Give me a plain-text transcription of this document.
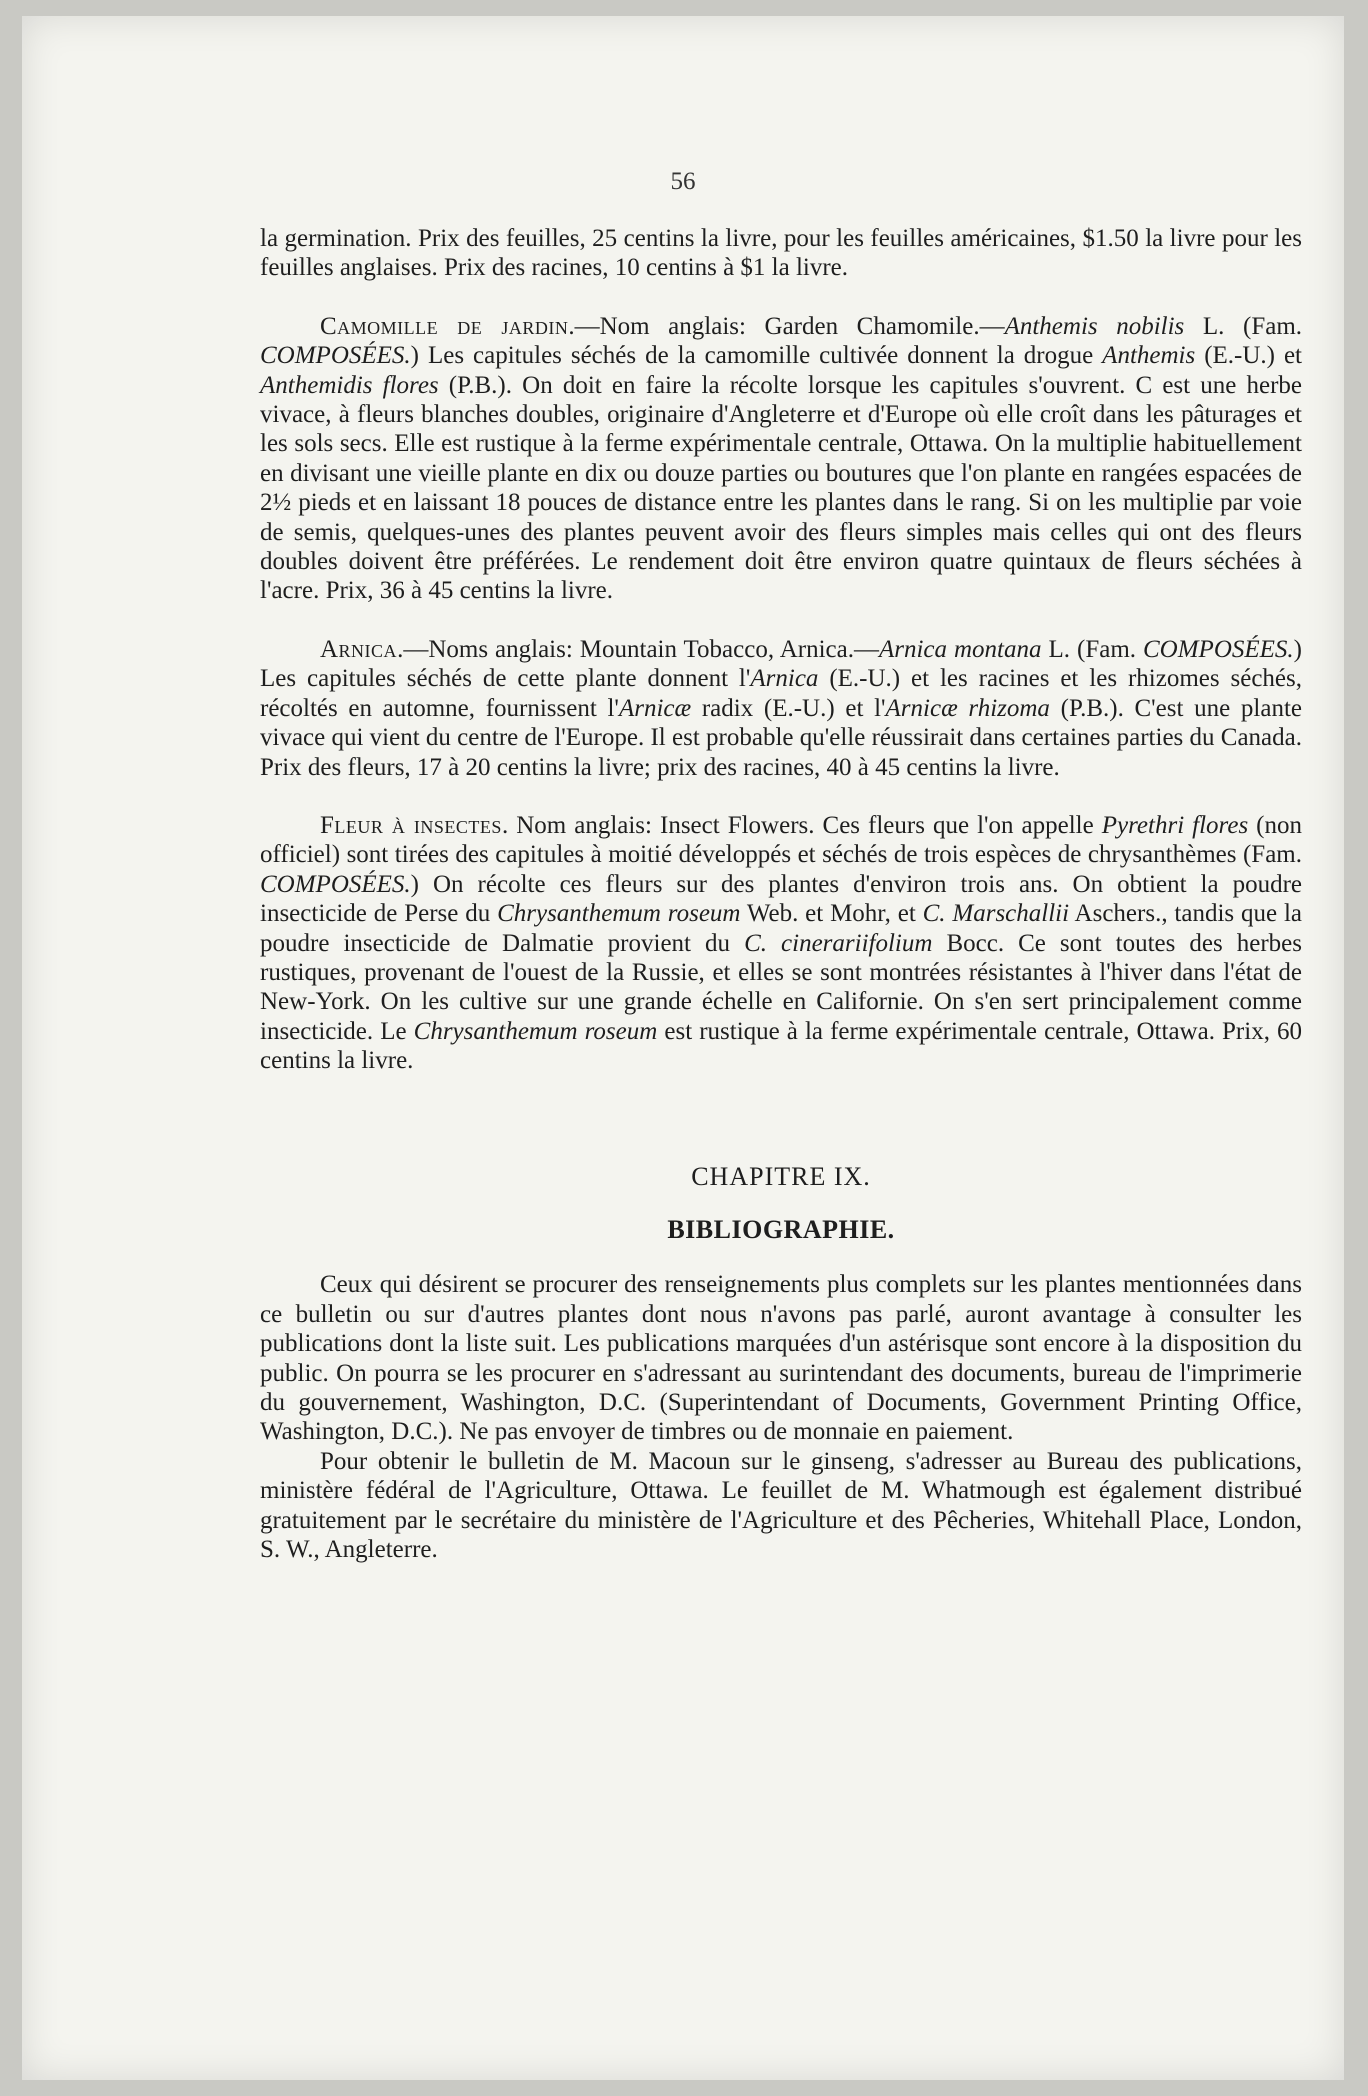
56

la germination. Prix des feuilles, 25 centins la livre, pour les feuilles américaines, $1.50 la livre pour les feuilles anglaises. Prix des racines, 10 centins à $1 la livre.

Camomille de jardin.—Nom anglais: Garden Chamomile.—Anthemis nobilis L. (Fam. COMPOSÉES.) Les capitules séchés de la camomille cultivée donnent la drogue Anthemis (E.-U.) et Anthemidis flores (P.B.). On doit en faire la récolte lorsque les capitules s'ouvrent. C est une herbe vivace, à fleurs blanches doubles, originaire d'Angleterre et d'Europe où elle croît dans les pâturages et les sols secs. Elle est rustique à la ferme expérimentale centrale, Ottawa. On la multiplie habituellement en divisant une vieille plante en dix ou douze parties ou boutures que l'on plante en rangées espacées de 2½ pieds et en laissant 18 pouces de distance entre les plantes dans le rang. Si on les multiplie par voie de semis, quelques-unes des plantes peuvent avoir des fleurs simples mais celles qui ont des fleurs doubles doivent être préférées. Le rendement doit être environ quatre quintaux de fleurs séchées à l'acre. Prix, 36 à 45 centins la livre.

Arnica.—Noms anglais: Mountain Tobacco, Arnica.—Arnica montana L. (Fam. COMPOSÉES.) Les capitules séchés de cette plante donnent l'Arnica (E.-U.) et les racines et les rhizomes séchés, récoltés en automne, fournissent l'Arnicæ radix (E.-U.) et l'Arnicæ rhizoma (P.B.). C'est une plante vivace qui vient du centre de l'Europe. Il est probable qu'elle réussirait dans certaines parties du Canada. Prix des fleurs, 17 à 20 centins la livre; prix des racines, 40 à 45 centins la livre.

Fleur à insectes. Nom anglais: Insect Flowers. Ces fleurs que l'on appelle Pyrethri flores (non officiel) sont tirées des capitules à moitié développés et séchés de trois espèces de chrysanthèmes (Fam. COMPOSÉES.) On récolte ces fleurs sur des plantes d'environ trois ans. On obtient la poudre insecticide de Perse du Chrysanthemum roseum Web. et Mohr, et C. Marschallii Aschers., tandis que la poudre insecticide de Dalmatie provient du C. cinerariifolium Bocc. Ce sont toutes des herbes rustiques, provenant de l'ouest de la Russie, et elles se sont montrées résistantes à l'hiver dans l'état de New-York. On les cultive sur une grande échelle en Californie. On s'en sert principalement comme insecticide. Le Chrysanthemum roseum est rustique à la ferme expérimentale centrale, Ottawa. Prix, 60 centins la livre.

CHAPITRE IX.
BIBLIOGRAPHIE.

Ceux qui désirent se procurer des renseignements plus complets sur les plantes mentionnées dans ce bulletin ou sur d'autres plantes dont nous n'avons pas parlé, auront avantage à consulter les publications dont la liste suit. Les publications marquées d'un astérisque sont encore à la disposition du public. On pourra se les procurer en s'adressant au surintendant des documents, bureau de l'imprimerie du gouvernement, Washington, D.C. (Superintendant of Documents, Government Printing Office, Washington, D.C.). Ne pas envoyer de timbres ou de monnaie en paiement.

Pour obtenir le bulletin de M. Macoun sur le ginseng, s'adresser au Bureau des publications, ministère fédéral de l'Agriculture, Ottawa. Le feuillet de M. Whatmough est également distribué gratuitement par le secrétaire du ministère de l'Agriculture et des Pêcheries, Whitehall Place, London, S. W., Angleterre.
